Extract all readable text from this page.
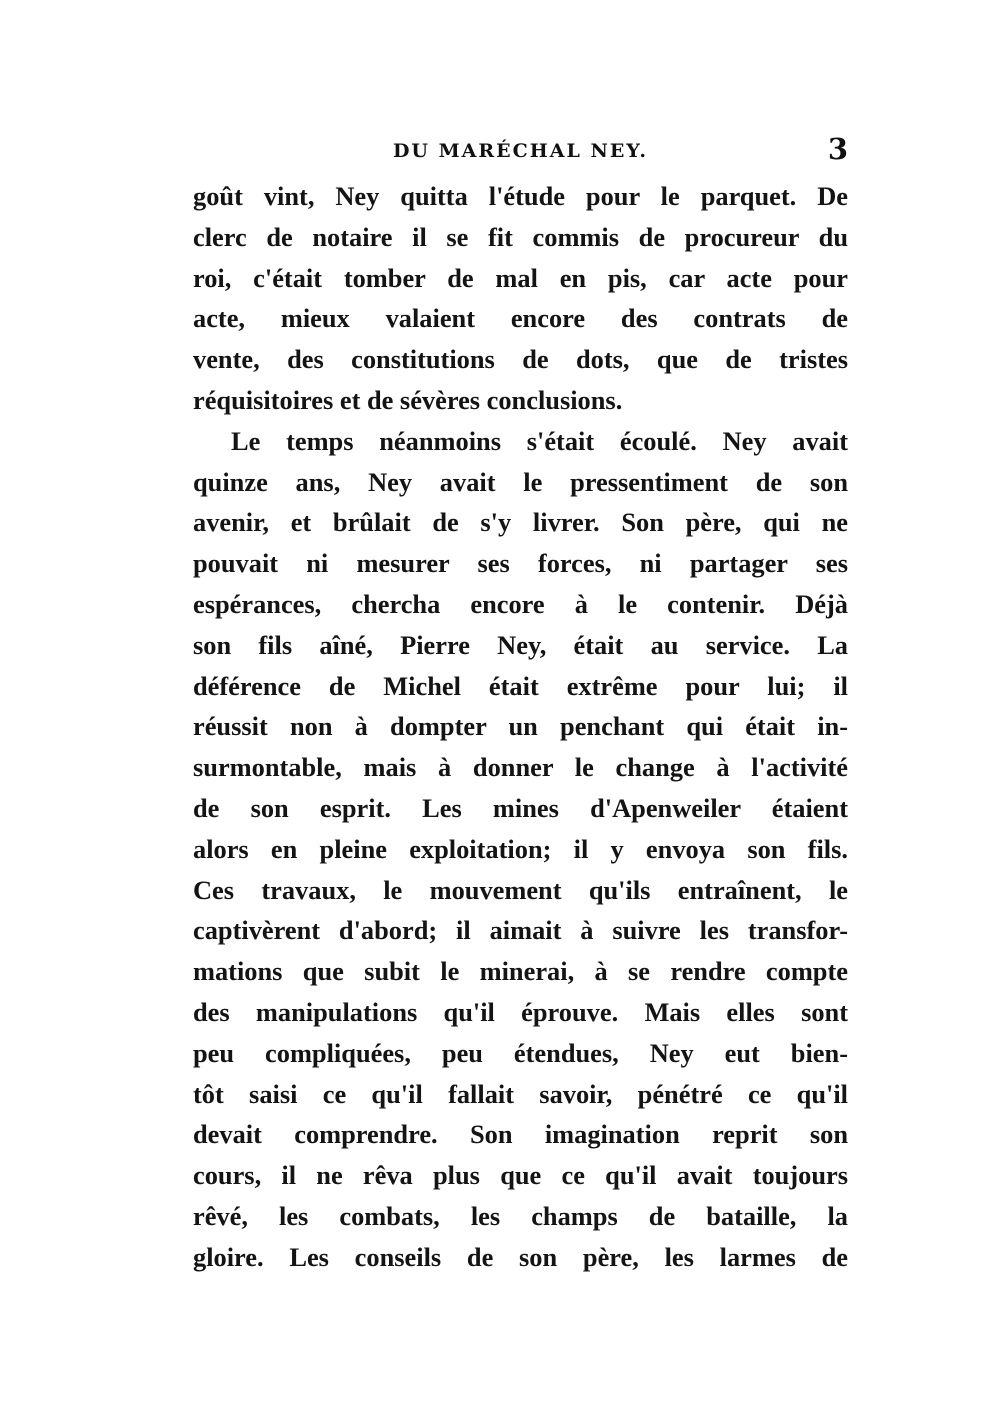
DU MARÉCHAL NEY.	3
goût vint, Ney quitta l'étude pour le parquet. De
clerc de notaire il se fit commis de procureur du
roi, c'était tomber de mal en pis, car acte pour
acte, mieux valaient encore des contrats de
vente, des constitutions de dots, que de tristes
réquisitoires et de sévères conclusions.
Le temps néanmoins s'était écoulé. Ney avait
quinze ans, Ney avait le pressentiment de son
avenir, et brûlait de s'y livrer. Son père, qui ne
pouvait ni mesurer ses forces, ni partager ses
espérances, chercha encore à le contenir. Déjà
son fils aîné, Pierre Ney, était au service. La
déférence de Michel était extrême pour lui; il
réussit non à dompter un penchant qui était in-
surmontable, mais à donner le change à l'activité
de son esprit. Les mines d'Apenweiler étaient
alors en pleine exploitation; il y envoya son fils.
Ces travaux, le mouvement qu'ils entraînent, le
captivèrent d'abord; il aimait à suivre les transfor-
mations que subit le minerai, à se rendre compte
des manipulations qu'il éprouve. Mais elles sont
peu compliquées, peu étendues, Ney eut bien-
tôt saisi ce qu'il fallait savoir, pénétré ce qu'il
devait comprendre. Son imagination reprit son
cours, il ne rêva plus que ce qu'il avait toujours
rêvé, les combats, les champs de bataille, la
gloire. Les conseils de son père, les larmes de
